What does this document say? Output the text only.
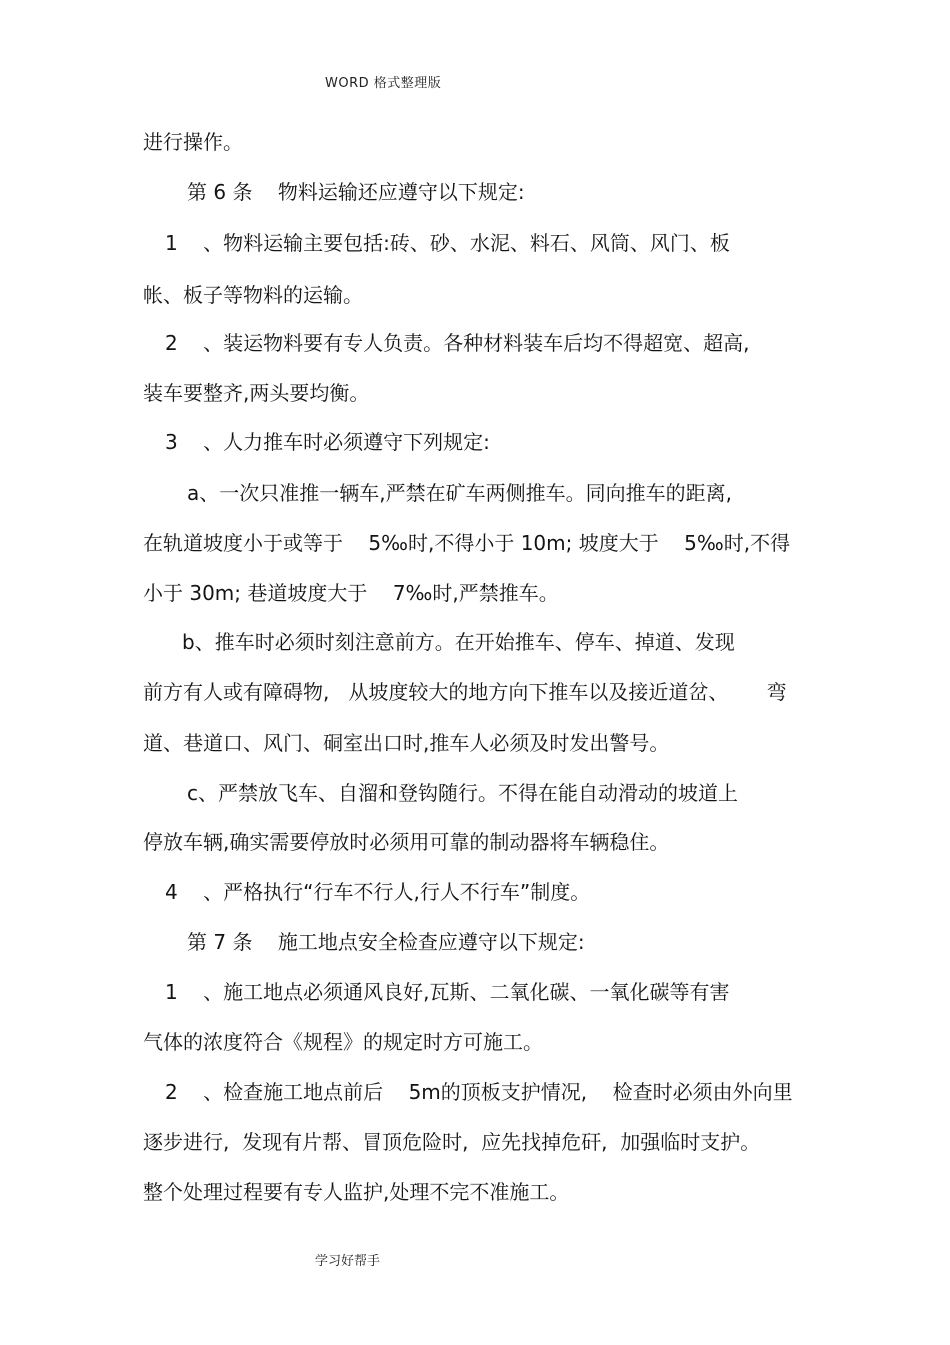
WORD 格式整理版
进行操作。
第 6 条    物料运输还应遵守以下规定:
1    、物料运输主要包括:砖、砂、水泥、料石、风筒、风门、板
帐、板子等物料的运输。
2    、装运物料要有专人负责。各种材料装车后均不得超宽、超高,
装车要整齐,两头要均衡。
3    、人力推车时必须遵守下列规定:
a、一次只准推一辆车,严禁在矿车两侧推车。同向推车的距离,
在轨道坡度小于或等于    5‰时,不得小于 10m; 坡度大于    5‰时,不得
小于 30m; 巷道坡度大于    7‰时,严禁推车。
b、推车时必须时刻注意前方。在开始推车、停车、掉道、发现
前方有人或有障碍物,   从坡度较大的地方向下推车以及接近道岔、      弯
道、巷道口、风门、硐室出口时,推车人必须及时发出警号。
c、严禁放飞车、自溜和登钩随行。不得在能自动滑动的坡道上
停放车辆,确实需要停放时必须用可靠的制动器将车辆稳住。
4    、严格执行“行车不行人,行人不行车”制度。
第 7 条    施工地点安全检查应遵守以下规定:
1    、施工地点必须通风良好,瓦斯、二氧化碳、一氧化碳等有害
气体的浓度符合《规程》的规定时方可施工。
2    、检查施工地点前后    5m的顶板支护情况,    检查时必须由外向里
逐步进行,  发现有片帮、冒顶危险时,  应先找掉危矸,  加强临时支护。
整个处理过程要有专人监护,处理不完不准施工。
学习好帮手
